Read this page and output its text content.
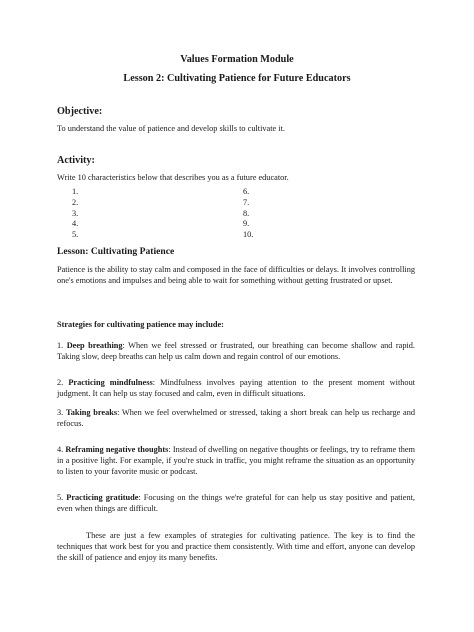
Values Formation Module
Lesson 2: Cultivating Patience for Future Educators
Objective:
To understand the value of patience and develop skills to cultivate it.
Activity:
Write 10 characteristics below that describes you as a future educator.
1.
2.
3.
4.
5.
6.
7.
8.
9.
10.
Lesson: Cultivating Patience
Patience is the ability to stay calm and composed in the face of difficulties or delays. It involves controlling one's emotions and impulses and being able to wait for something without getting frustrated or upset.
Strategies for cultivating patience may include:
1. Deep breathing: When we feel stressed or frustrated, our breathing can become shallow and rapid. Taking slow, deep breaths can help us calm down and regain control of our emotions.
2. Practicing mindfulness: Mindfulness involves paying attention to the present moment without judgment. It can help us stay focused and calm, even in difficult situations.
3. Taking breaks: When we feel overwhelmed or stressed, taking a short break can help us recharge and refocus.
4. Reframing negative thoughts: Instead of dwelling on negative thoughts or feelings, try to reframe them in a positive light. For example, if you're stuck in traffic, you might reframe the situation as an opportunity to listen to your favorite music or podcast.
5. Practicing gratitude: Focusing on the things we're grateful for can help us stay positive and patient, even when things are difficult.
These are just a few examples of strategies for cultivating patience. The key is to find the techniques that work best for you and practice them consistently. With time and effort, anyone can develop the skill of patience and enjoy its many benefits.
